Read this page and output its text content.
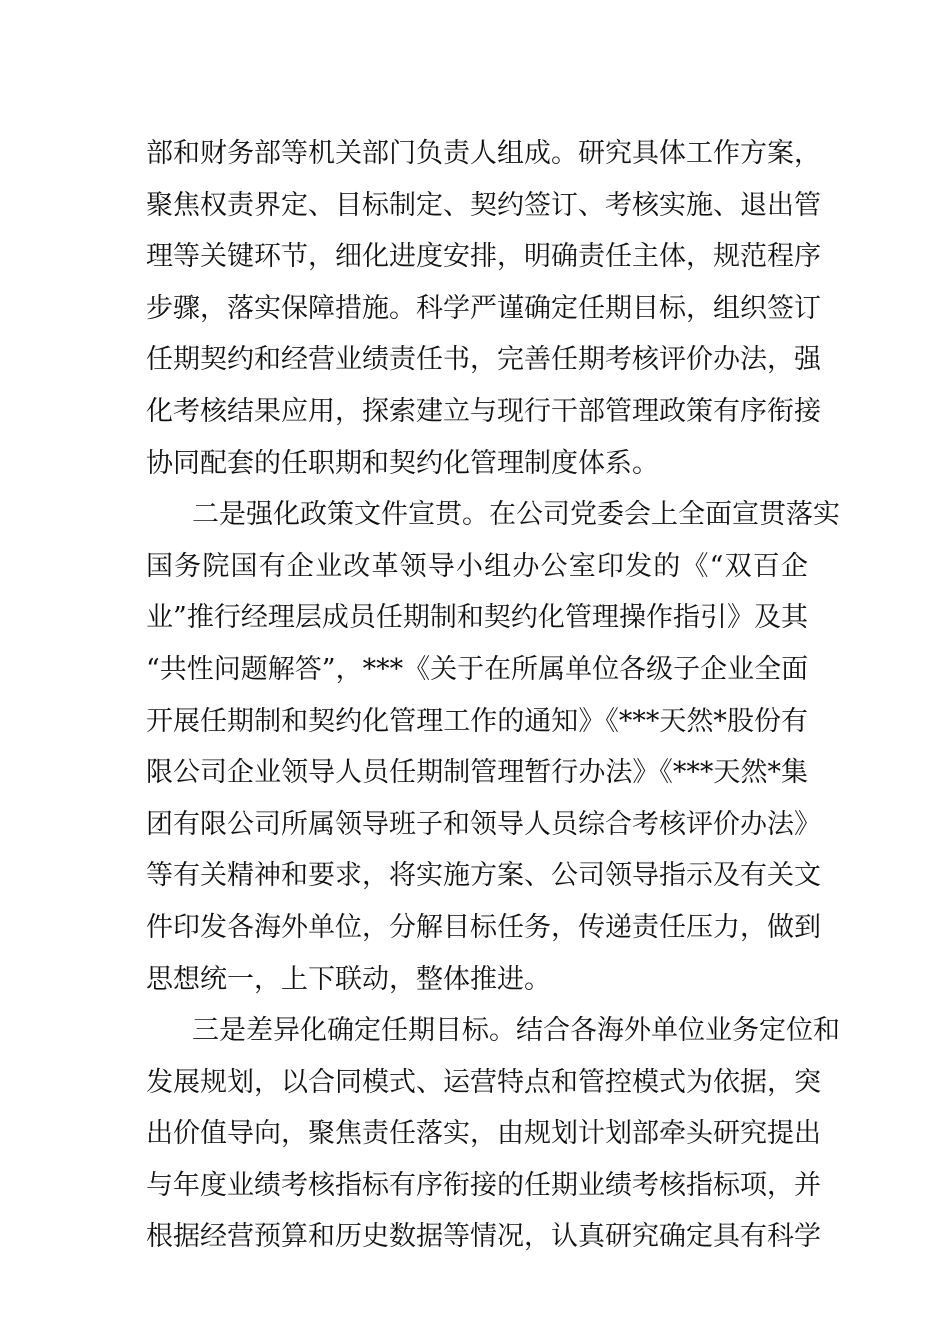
部和财务部等机关部门负责人组成。研究具体工作方案，
聚焦权责界定、目标制定、契约签订、考核实施、退出管
理等关键环节，细化进度安排，明确责任主体，规范程序
步骤，落实保障措施。科学严谨确定任期目标，组织签订
任期契约和经营业绩责任书，完善任期考核评价办法，强
化考核结果应用，探索建立与现行干部管理政策有序衔接
协同配套的任职期和契约化管理制度体系。
二是强化政策文件宣贯。在公司党委会上全面宣贯落实
国务院国有企业改革领导小组办公室印发的《“双百企
业”推行经理层成员任期制和契约化管理操作指引》及其
“共性问题解答”，***《关于在所属单位各级子企业全面
开展任期制和契约化管理工作的通知》《***天然*股份有
限公司企业领导人员任期制管理暂行办法》《***天然*集
团有限公司所属领导班子和领导人员综合考核评价办法》
等有关精神和要求，将实施方案、公司领导指示及有关文
件印发各海外单位，分解目标任务，传递责任压力，做到
思想统一，上下联动，整体推进。
三是差异化确定任期目标。结合各海外单位业务定位和
发展规划，以合同模式、运营特点和管控模式为依据，突
出价值导向，聚焦责任落实，由规划计划部牵头研究提出
与年度业绩考核指标有序衔接的任期业绩考核指标项，并
根据经营预算和历史数据等情况，认真研究确定具有科学
